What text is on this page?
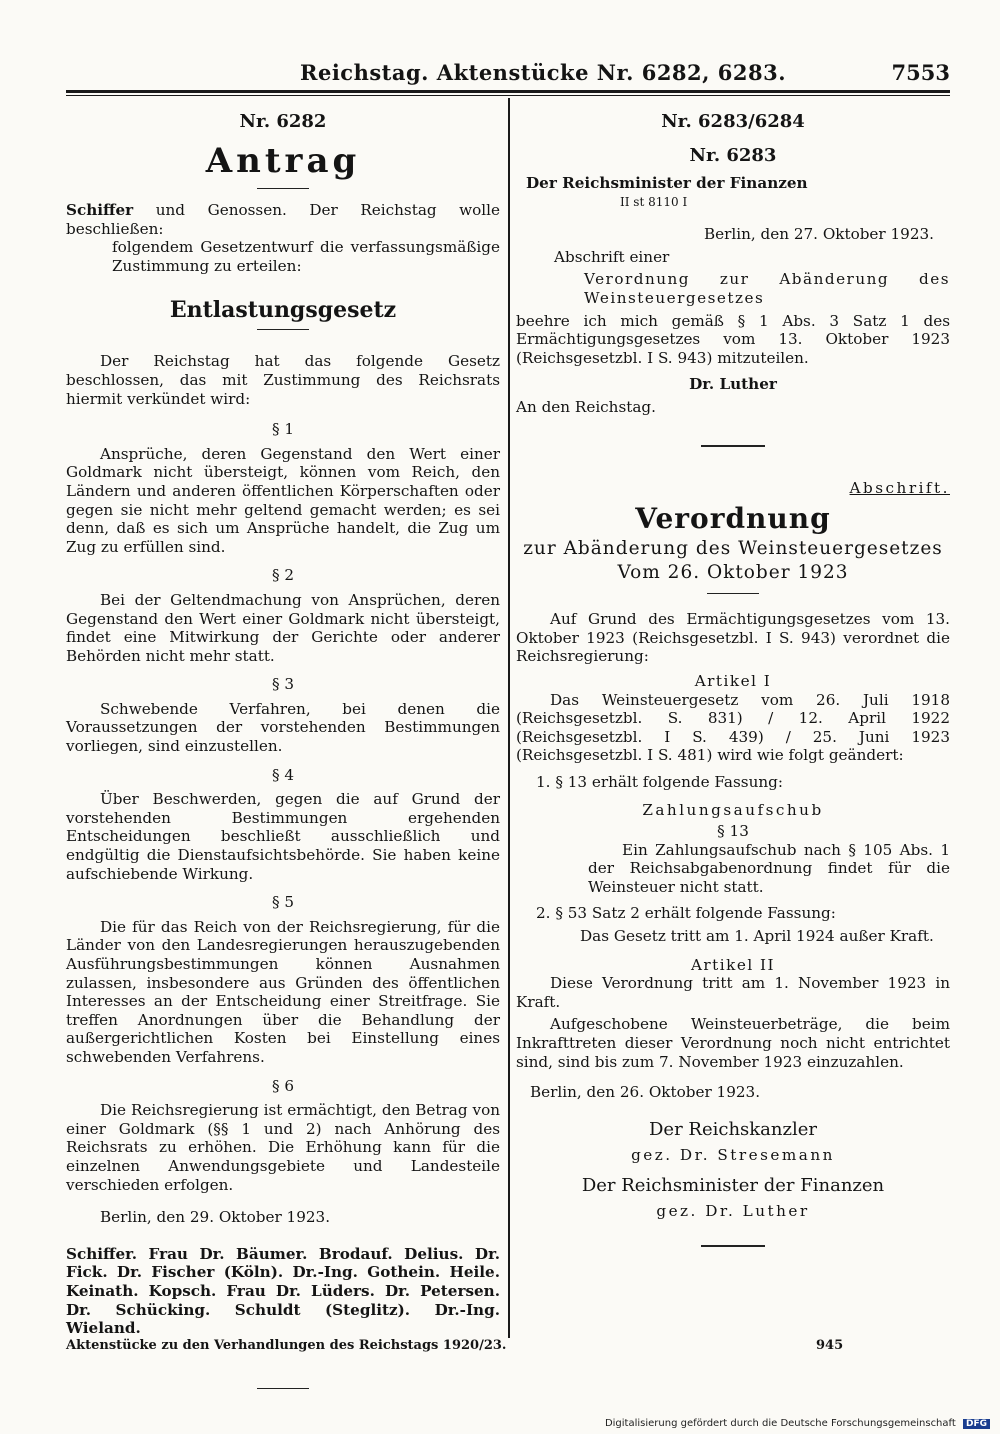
Reichstag. Aktenstücke Nr. 6282, 6283.	7553

Nr. 6282

Antrag

Schiffer und Genossen. Der Reichstag wolle beschließen:

folgendem Gesetzentwurf die verfassungsmäßige Zustimmung zu erteilen:

Entlastungsgesetz

Der Reichstag hat das folgende Gesetz beschlossen, das mit Zustimmung des Reichsrats hiermit verkündet wird:

§ 1

Ansprüche, deren Gegenstand den Wert einer Goldmark nicht übersteigt, können vom Reich, den Ländern und anderen öffentlichen Körperschaften oder gegen sie nicht mehr geltend gemacht werden; es sei denn, daß es sich um Ansprüche handelt, die Zug um Zug zu erfüllen sind.

§ 2

Bei der Geltendmachung von Ansprüchen, deren Gegenstand den Wert einer Goldmark nicht übersteigt, findet eine Mitwirkung der Gerichte oder anderer Behörden nicht mehr statt.

§ 3

Schwebende Verfahren, bei denen die Voraussetzungen der vorstehenden Bestimmungen vorliegen, sind einzustellen.

§ 4

Über Beschwerden, gegen die auf Grund der vorstehenden Bestimmungen ergehenden Entscheidungen beschließt ausschließlich und endgültig die Dienstaufsichtsbehörde. Sie haben keine aufschiebende Wirkung.

§ 5

Die für das Reich von der Reichsregierung, für die Länder von den Landesregierungen herauszugebenden Ausführungsbestimmungen können Ausnahmen zulassen, insbesondere aus Gründen des öffentlichen Interesses an der Entscheidung einer Streitfrage. Sie treffen Anordnungen über die Behandlung der außergerichtlichen Kosten bei Einstellung eines schwebenden Verfahrens.

§ 6

Die Reichsregierung ist ermächtigt, den Betrag von einer Goldmark (§§ 1 und 2) nach Anhörung des Reichsrats zu erhöhen. Die Erhöhung kann für die einzelnen Anwendungsgebiete und Landesteile verschieden erfolgen.

Berlin, den 29. Oktober 1923.

Schiffer. Frau Dr. Bäumer. Brodauf. Delius. Dr. Fick. Dr. Fischer (Köln). Dr.-Ing. Gothein. Heile. Keinath. Kopsch. Frau Dr. Lüders. Dr. Petersen. Dr. Schücking. Schuldt (Steglitz). Dr.-Ing. Wieland.

Nr. 6283/6284

Nr. 6283

Der Reichsminister der Finanzen

II st 8110 I

Berlin, den 27. Oktober 1923.

Abschrift einer

Verordnung zur Abänderung des Weinsteuergesetzes

beehre ich mich gemäß § 1 Abs. 3 Satz 1 des Ermächtigungsgesetzes vom 13. Oktober 1923 (Reichsgesetzbl. I S. 943) mitzuteilen.

Dr. Luther

An den Reichstag.

Abschrift.

Verordnung

zur Abänderung des Weinsteuergesetzes

Vom 26. Oktober 1923

Auf Grund des Ermächtigungsgesetzes vom 13. Oktober 1923 (Reichsgesetzbl. I S. 943) verordnet die Reichsregierung:

Artikel I

Das Weinsteuergesetz vom 26. Juli 1918 (Reichsgesetzbl. S. 831) / 12. April 1922 (Reichsgesetzbl. I S. 439) / 25. Juni 1923 (Reichsgesetzbl. I S. 481) wird wie folgt geändert:

1. § 13 erhält folgende Fassung:

Zahlungsaufschub

§ 13

Ein Zahlungsaufschub nach § 105 Abs. 1 der Reichsabgabenordnung findet für die Weinsteuer nicht statt.

2. § 53 Satz 2 erhält folgende Fassung:

Das Gesetz tritt am 1. April 1924 außer Kraft.

Artikel II

Diese Verordnung tritt am 1. November 1923 in Kraft.

Aufgeschobene Weinsteuerbeträge, die beim Inkrafttreten dieser Verordnung noch nicht entrichtet sind, sind bis zum 7. November 1923 einzuzahlen.

Berlin, den 26. Oktober 1923.

Der Reichskanzler

gez. Dr. Stresemann

Der Reichsminister der Finanzen

gez. Dr. Luther

Aktenstücke zu den Verhandlungen des Reichstags 1920/23.	945
Digitalisierung gefördert durch die Deutsche Forschungsgemeinschaft DFG
